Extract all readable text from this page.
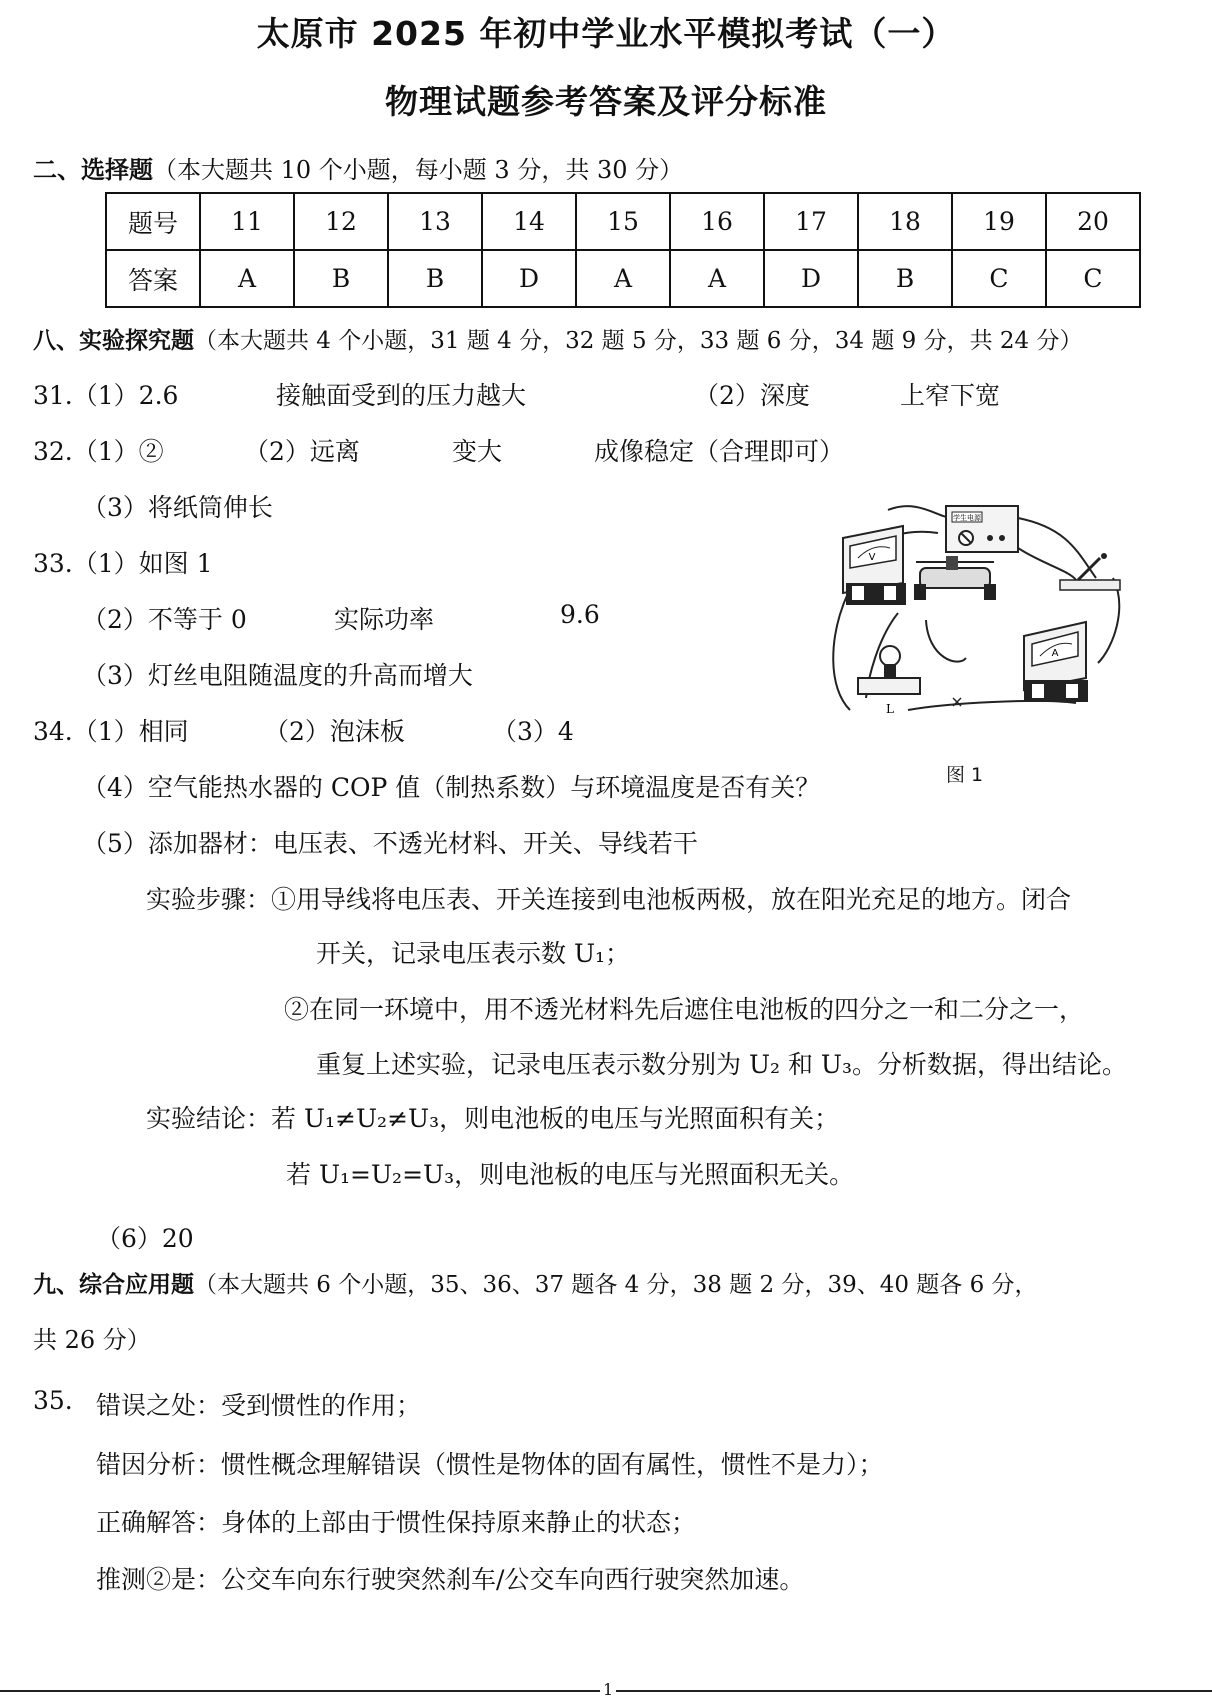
太原市 2025 年初中学业水平模拟考试（一）
物理试题参考答案及评分标准
二、选择题（本大题共 10 个小题，每小题 3 分，共 30 分）
题号	11	12	13	14	15	16	17	18	19	20
答案	A	B	B	D	A	A	D	B	C	C
八、实验探究题（本大题共 4 个小题，31 题 4 分，32 题 5 分，33 题 6 分，34 题 9 分，共 24 分）
31.（1）2.6	接触面受到的压力越大	（2）深度	上窄下宽
32.（1）②	（2）远离	变大	成像稳定（合理即可）
（3）将纸筒伸长
33.（1）如图 1
（2）不等于 0	实际功率	9.6
（3）灯丝电阻随温度的升高而增大
34.（1）相同	（2）泡沫板	（3）4
（4）空气能热水器的 COP 值（制热系数）与环境温度是否有关？
学生电源
V
L
A
图 1
（5）添加器材：电压表、不透光材料、开关、导线若干
实验步骤：①用导线将电压表、开关连接到电池板两极，放在阳光充足的地方。闭合
开关，记录电压表示数 U₁；
②在同一环境中，用不透光材料先后遮住电池板的四分之一和二分之一，
重复上述实验，记录电压表示数分别为 U₂ 和 U₃。分析数据，得出结论。
实验结论：若 U₁≠U₂≠U₃，则电池板的电压与光照面积有关；
若 U₁=U₂=U₃，则电池板的电压与光照面积无关。
（6）20
九、综合应用题（本大题共 6 个小题，35、36、37 题各 4 分，38 题 2 分，39、40 题各 6 分，
共 26 分）
35. 错误之处：受到惯性的作用；
错因分析：惯性概念理解错误（惯性是物体的固有属性，惯性不是力）；
正确解答：身体的上部由于惯性保持原来静止的状态；
推测②是：公交车向东行驶突然刹车/公交车向西行驶突然加速。
1
